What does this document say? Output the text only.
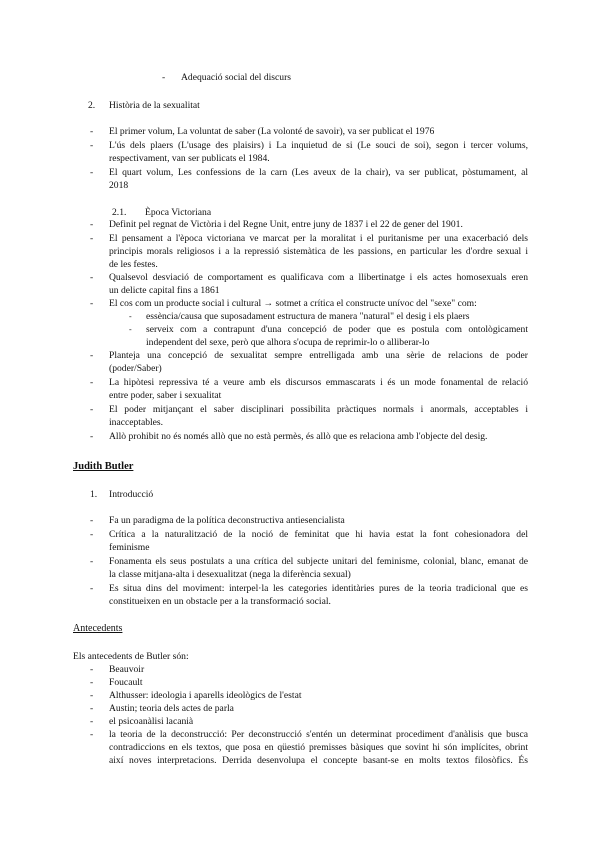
- Adequació social del discurs
2. Història de la sexualitat
- El primer volum, La voluntat de saber (La volonté de savoir), va ser publicat el 1976
- L'ús dels plaers (L'usage des plaisirs) i La inquietud de si (Le souci de soi), segon i tercer volums,
respectivament, van ser publicats el 1984.
- El quart volum, Les confessions de la carn (Les aveux de la chair), va ser publicat, pòstumament, al
2018
2.1. Època Victoriana
- Definit pel regnat de Victòria i del Regne Unit, entre juny de 1837 i el 22 de gener del 1901.
- El pensament a l'època victoriana ve marcat per la moralitat i el puritanisme per una exacerbació dels
principis morals religiosos i a la repressió sistemàtica de les passions, en particular les d'ordre sexual i
de les festes.
- Qualsevol desviació de comportament es qualificava com a llibertinatge i els actes homosexuals eren
un delicte capital fins a 1861
- El cos com un producte social i cultural → sotmet a crítica el constructe unívoc del "sexe" com:
- essència/causa que suposadament estructura de manera "natural" el desig i els plaers
- serveix com a contrapunt d'una concepció de poder que es postula com ontològicament
independent del sexe, però que alhora s'ocupa de reprimir-lo o alliberar-lo
- Planteja una concepció de sexualitat sempre entrelligada amb una sèrie de relacions de poder
(poder/Saber)
- La hipòtesi repressiva té a veure amb els discursos emmascarats i és un mode fonamental de relació
entre poder, saber i sexualitat
- El poder mitjançant el saber disciplinari possibilita pràctiques normals i anormals, acceptables i
inacceptables.
- Allò prohibit no és només allò que no està permès, és allò que es relaciona amb l'objecte del desig.
Judith Butler
1. Introducció
- Fa un paradigma de la política deconstructiva antiesencialista
- Crítica a la naturalització de la noció de feminitat que hi havia estat la font cohesionadora del
feminisme
- Fonamenta els seus postulats a una crítica del subjecte unitari del feminisme, colonial, blanc, emanat de
la classe mitjana-alta i desexualitzat (nega la diferència sexual)
- Es situa dins del moviment: interpel·la les categories identitàries pures de la teoria tradicional que es
constitueixen en un obstacle per a la transformació social.
Antecedents
Els antecedents de Butler són:
- Beauvoir
- Foucault
- Althusser: ideologia i aparells ideològics de l'estat
- Austin; teoria dels actes de parla
- el psicoanàlisi lacanià
- la teoria de la deconstrucció: Per deconstrucció s'entén un determinat procediment d'anàlisis que busca
contradiccions en els textos, que posa en qüestió premisses bàsiques que sovint hi són implícites, obrint
així noves interpretacions. Derrida desenvolupa el concepte basant-se en molts textos filosòfics. És
